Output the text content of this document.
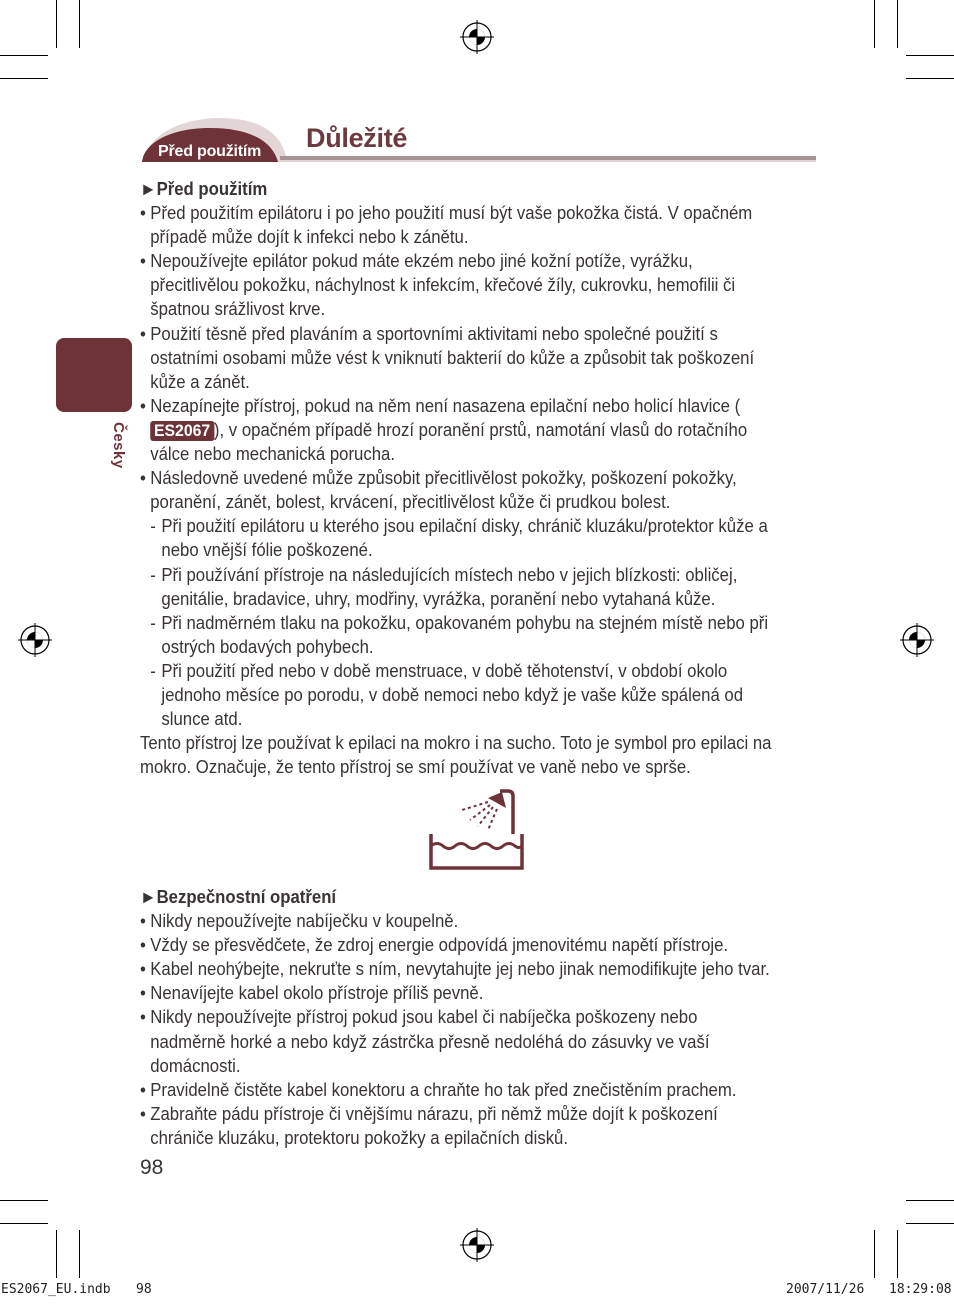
Před použitím Důležité
Česky
►Před použitím
• Před použitím epilátoru i po jeho použití musí být vaše pokožka čistá. V opačném případě může dojít k infekci nebo k zánětu.
• Nepoužívejte epilátor pokud máte ekzém nebo jiné kožní potíže, vyrážku, přecitlivělou pokožku, náchylnost k infekcím, křečové žíly, cukrovku, hemofilii či špatnou srážlivost krve.
• Použití těsně před plaváním a sportovními aktivitami nebo společné použití s ostatními osobami může vést k vniknutí bakterií do kůže a způsobit tak poškození kůže a zánět.
• Nezapínejte přístroj, pokud na něm není nasazena epilační nebo holicí hlavice (ES2067 ), v opačném případě hrozí poranění prstů, namotání vlasů do rotačního válce nebo mechanická porucha.
• Následovně uvedené může způsobit přecitlivělost pokožky, poškození pokožky, poranění, zánět, bolest, krvácení, přecitlivělost kůže či prudkou bolest.
- Při použití epilátoru u kterého jsou epilační disky, chránič kluzáku/protektor kůže a nebo vnější fólie poškozené.
- Při používání přístroje na následujících místech nebo v jejich blízkosti: obličej, genitálie, bradavice, uhry, modřiny, vyrážka, poranění nebo vytahaná kůže.
- Při nadměrném tlaku na pokožku, opakovaném pohybu na stejném místě nebo při ostrých bodavých pohybech.
- Při použití před nebo v době menstruace, v době těhotenství, v období okolo jednoho měsíce po porodu, v době nemoci nebo když je vaše kůže spálená od slunce atd.
Tento přístroj lze používat k epilaci na mokro i na sucho. Toto je symbol pro epilaci na mokro. Označuje, že tento přístroj se smí používat ve vaně nebo ve sprše.
►Bezpečnostní opatření
• Nikdy nepoužívejte nabíječku v koupelně.
• Vždy se přesvědčete, že zdroj energie odpovídá jmenovitému napětí přístroje.
• Kabel neohýbejte, nekruťte s ním, nevytahujte jej nebo jinak nemodifikujte jeho tvar.
• Nenavíjejte kabel okolo přístroje příliš pevně.
• Nikdy nepoužívejte přístroj pokud jsou kabel či nabíječka poškozeny nebo nadměrně horké a nebo když zástrčka přesně nedoléhá do zásuvky ve vaší domácnosti.
• Pravidelně čistěte kabel konektoru a chraňte ho tak před znečistěním prachem.
• Zabraňte pádu přístroje či vnějšímu nárazu, při němž může dojít k poškození chrániče kluzáku, protektoru pokožky a epilačních disků.
98
ES2067_EU.indb 98	2007/11/26 18:29:08
